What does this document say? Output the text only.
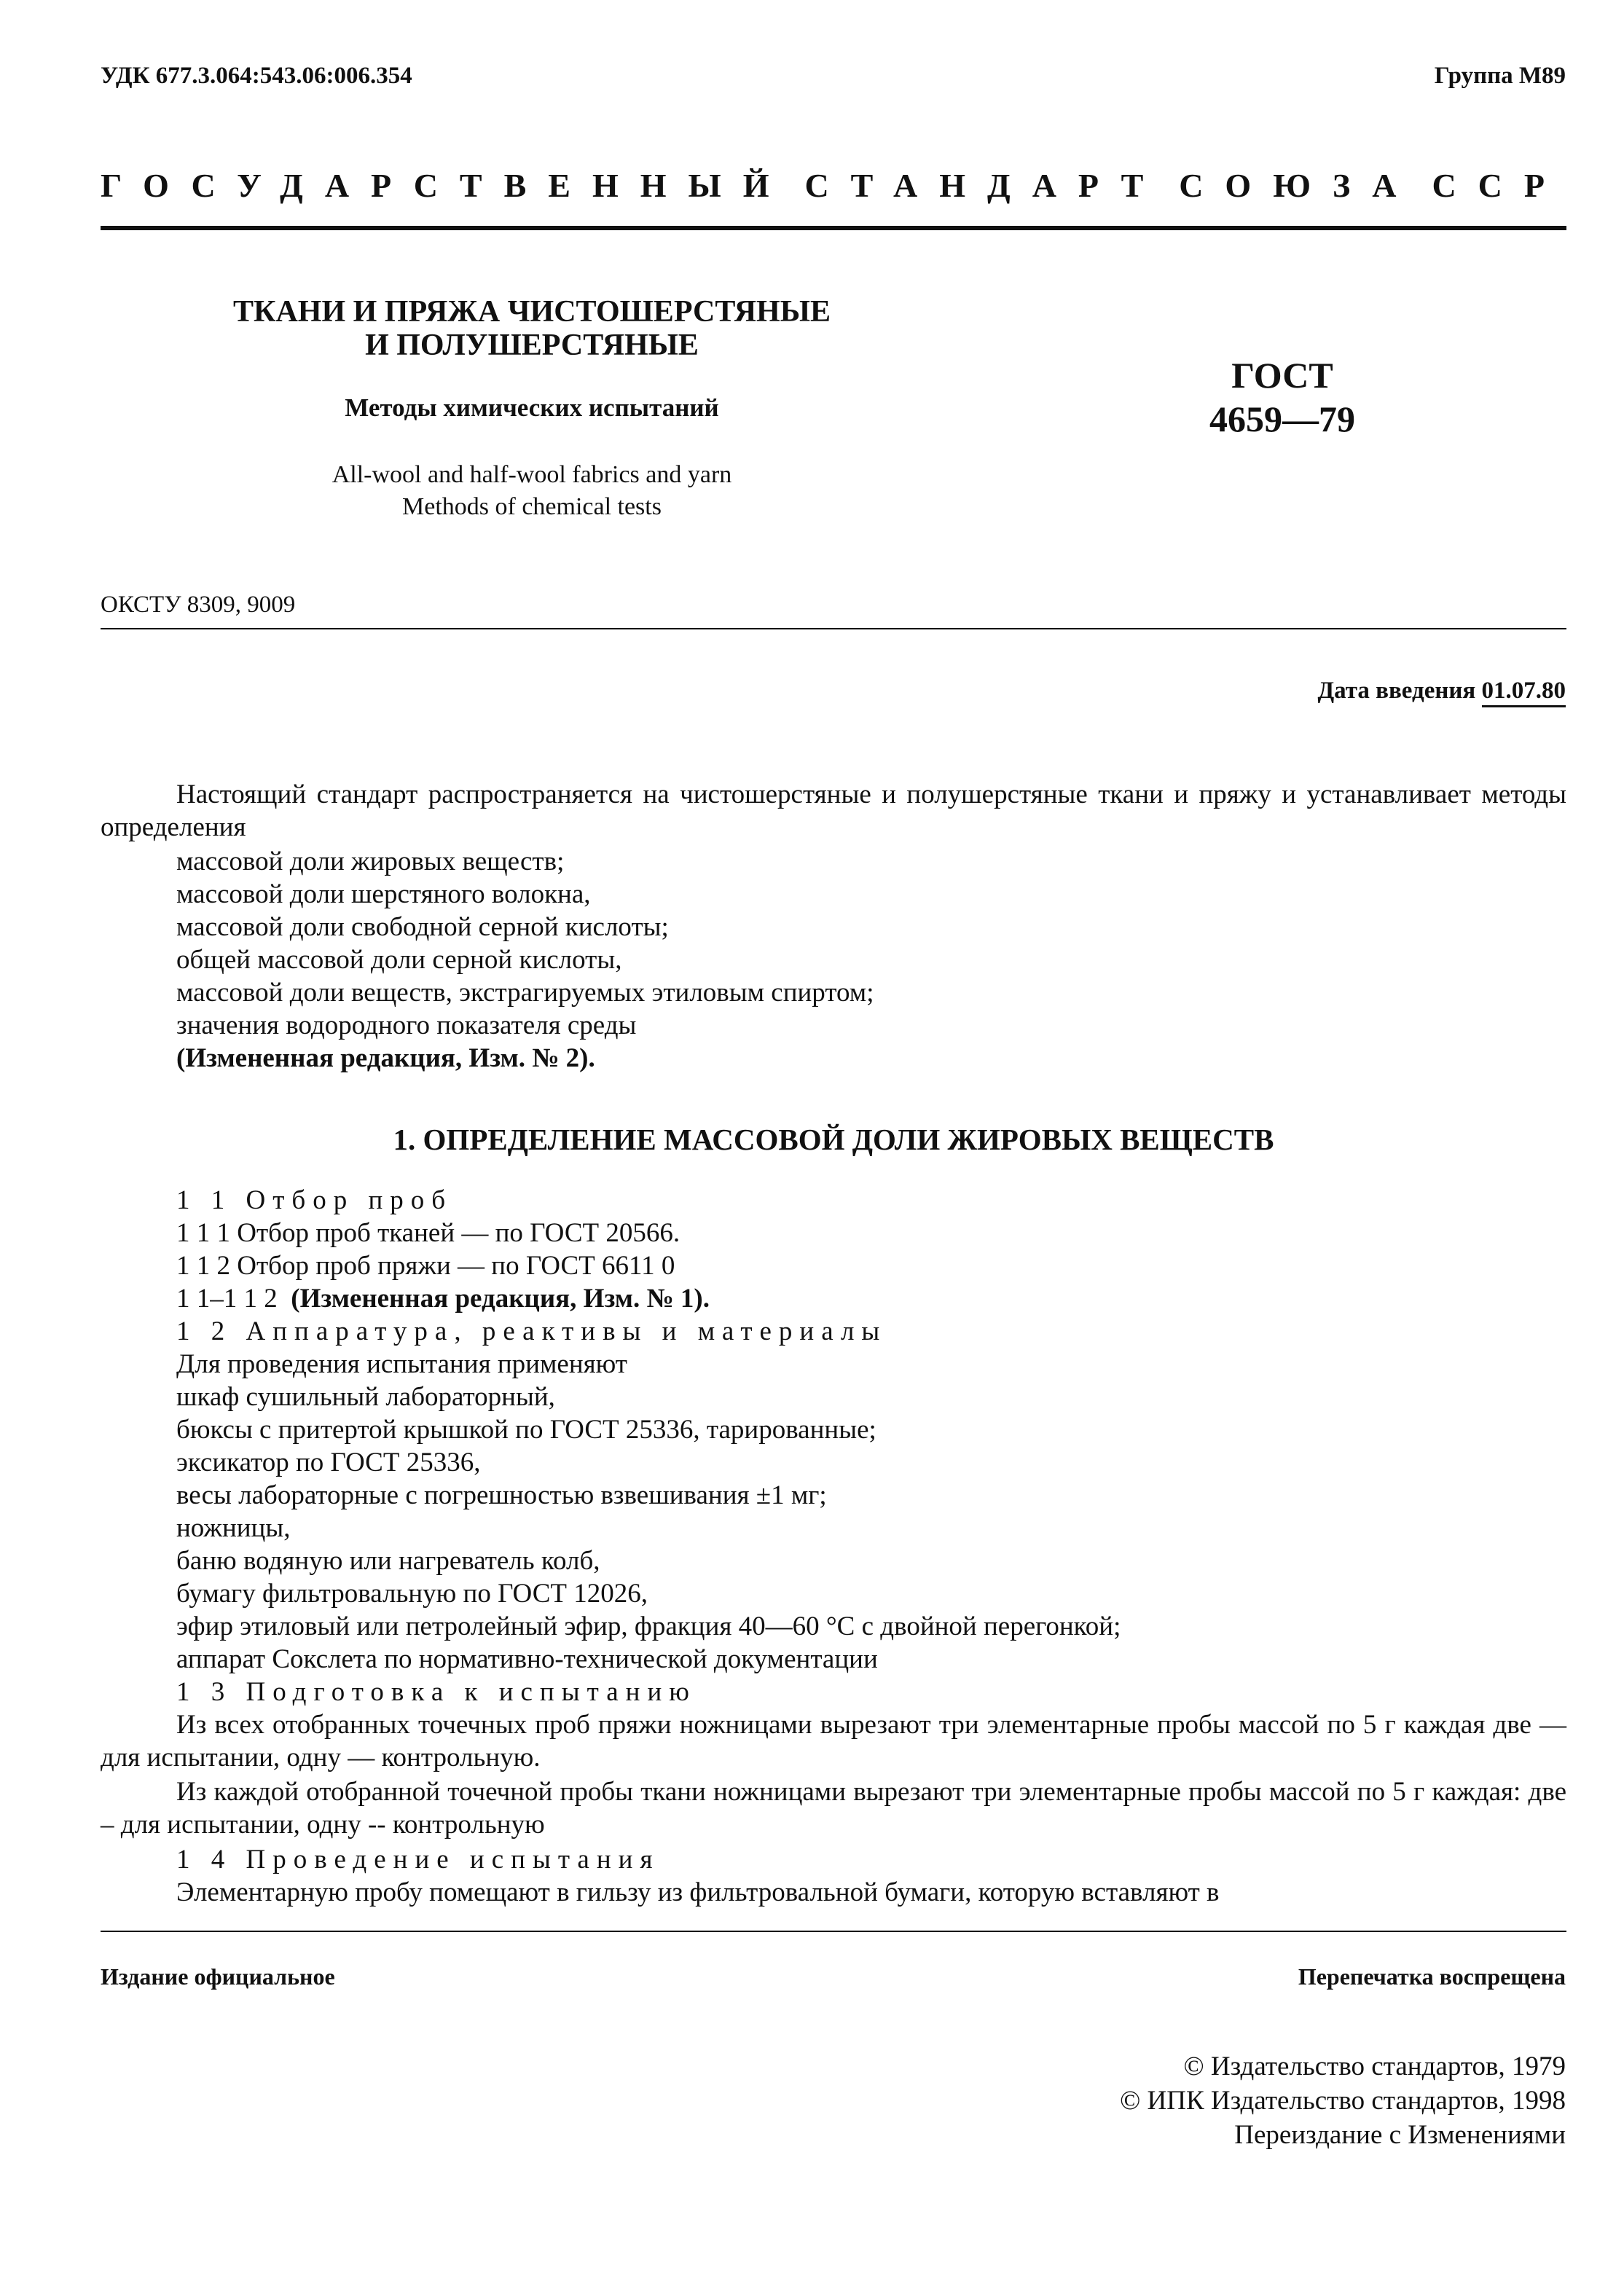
УДК 677.3.064:543.06:006.354	Группа М89
ГОСУДАРСТВЕННЫЙ СТАНДАРТ СОЮЗА ССР
ТКАНИ И ПРЯЖА ЧИСТОШЕРСТЯНЫЕ
И ПОЛУШЕРСТЯНЫЕ
Методы химических испытаний
All-wool and half-wool fabrics and yarn
Methods of chemical tests
ГОСТ
4659—79
ОКСТУ 8309, 9009
Дата введения 01.07.80
Настоящий стандарт распространяется на чистошерстяные и полушерстяные ткани и пряжу и устанавливает методы определения
массовой доли жировых веществ;
массовой доли шерстяного волокна,
массовой доли свободной серной кислоты;
общей массовой доли серной кислоты,
массовой доли веществ, экстрагируемых этиловым спиртом;
значения водородного показателя среды
(Измененная редакция, Изм. № 2).
1. ОПРЕДЕЛЕНИЕ МАССОВОЙ ДОЛИ ЖИРОВЫХ ВЕЩЕСТВ
1 1 Отбор проб
1 1 1 Отбор проб тканей — по ГОСТ 20566.
1 1 2 Отбор проб пряжи — по ГОСТ 6611 0
1 1–1 1 2 (Измененная редакция, Изм. № 1).
1 2 Аппаратура, реактивы и материалы
Для проведения испытания применяют
шкаф сушильный лабораторный,
бюксы с притертой крышкой по ГОСТ 25336, тарированные;
эксикатор по ГОСТ 25336,
весы лабораторные с погрешностью взвешивания ±1 мг;
ножницы,
баню водяную или нагреватель колб,
бумагу фильтровальную по ГОСТ 12026,
эфир этиловый или петролейный эфир, фракция 40—60 °С с двойной перегонкой;
аппарат Сокслета по нормативно-технической документации
1 3 Подготовка к испытанию
Из всех отобранных точечных проб пряжи ножницами вырезают три элементарные пробы массой по 5 г каждая две — для испытании, одну — контрольную.
Из каждой отобранной точечной пробы ткани ножницами вырезают три элементарные пробы массой по 5 г каждая: две – для испытании, одну -- контрольную
1 4 Проведение испытания
Элементарную пробу помещают в гильзу из фильтровальной бумаги, которую вставляют в
Издание официальное	Перепечатка воспрещена
© Издательство стандартов, 1979
© ИПК Издательство стандартов, 1998
Переиздание с Изменениями
